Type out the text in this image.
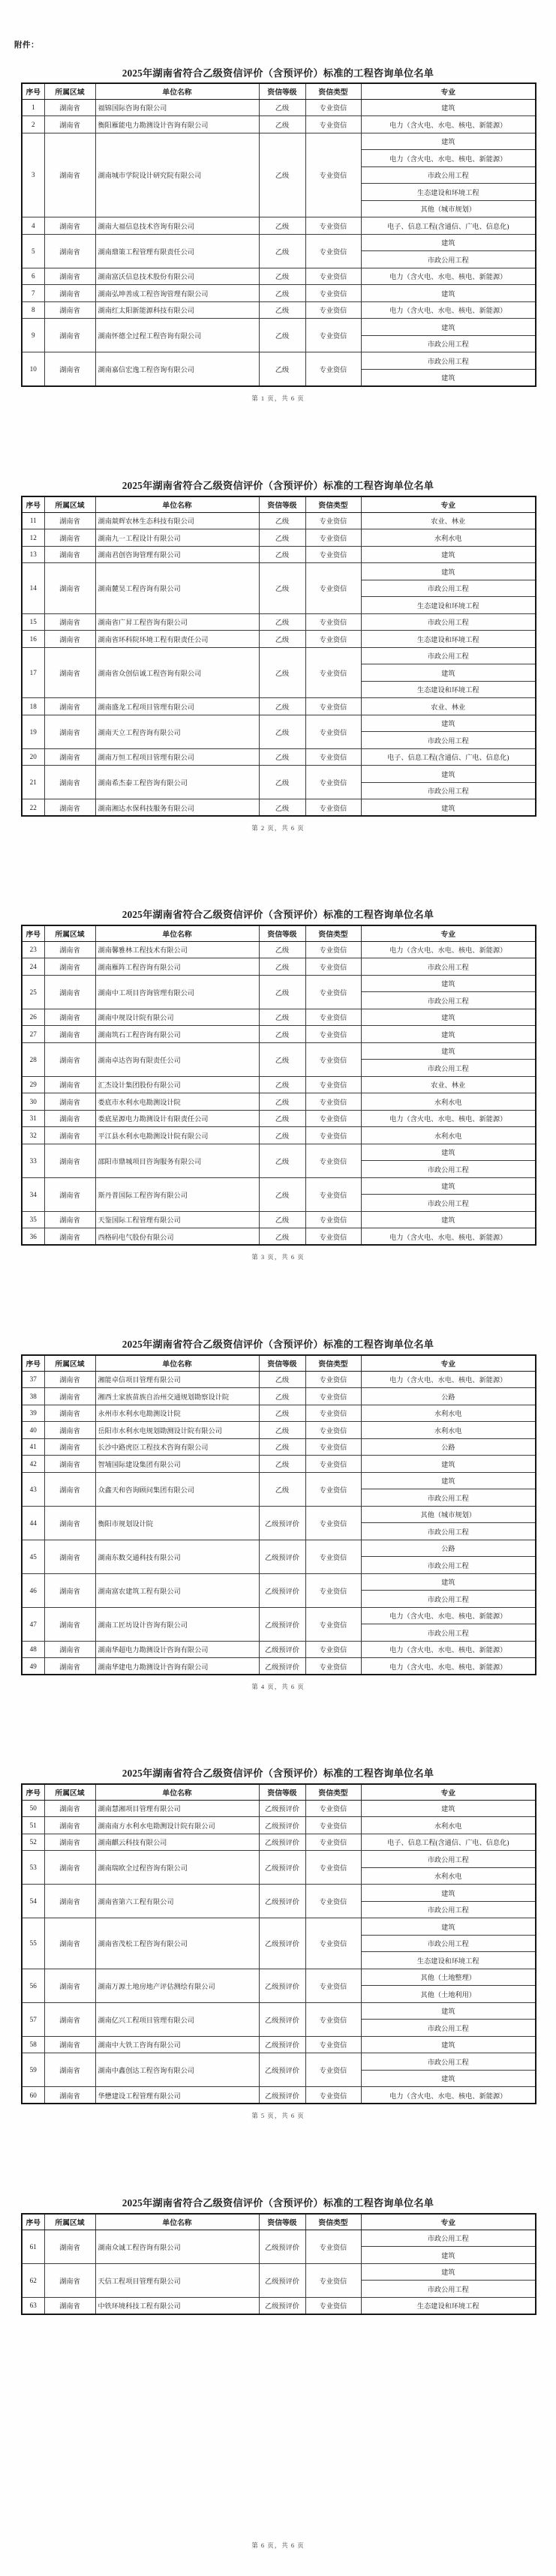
附件：
2025年湖南省符合乙级资信评价（含预评价）标准的工程咨询单位名单
序号	所属区域	单位名称	资信等级	资信类型	专业
1	湖南省	福锦国际咨询有限公司	乙级	专业资信	建筑
2	湖南省	衡阳雁能电力勘测设计咨询有限公司	乙级	专业资信	电力（含火电、水电、核电、新能源）
3	湖南省	湖南城市学院设计研究院有限公司	乙级	专业资信	建筑
					电力（含火电、水电、核电、新能源）
					市政公用工程
					生态建设和环境工程
					其他（城市规划）
4	湖南省	湖南大福信息技术咨询有限公司	乙级	专业资信	电子、信息工程(含通信、广电、信息化)
5	湖南省	湖南鼎策工程管理有限责任公司	乙级	专业资信	建筑
					市政公用工程
6	湖南省	湖南富沃信息技术股份有限公司	乙级	专业资信	电力（含火电、水电、核电、新能源）
7	湖南省	湖南弘坤善成工程咨询管理有限公司	乙级	专业资信	建筑
8	湖南省	湖南红太阳新能源科技有限公司	乙级	专业资信	电力（含火电、水电、核电、新能源）
9	湖南省	湖南怀德全过程工程咨询有限公司	乙级	专业资信	建筑
					市政公用工程
10	湖南省	湖南嘉信宏逸工程咨询有限公司	乙级	专业资信	市政公用工程
					建筑
第 1 页，共 6 页
2025年湖南省符合乙级资信评价（含预评价）标准的工程咨询单位名单
序号	所属区域	单位名称	资信等级	资信类型	专业
11	湖南省	湖南燚辉农林生态科技有限公司	乙级	专业资信	农业、林业
12	湖南省	湖南九一工程设计有限公司	乙级	专业资信	水利水电
13	湖南省	湖南君创咨询管理有限公司	乙级	专业资信	建筑
14	湖南省	湖南麓昊工程咨询有限公司	乙级	专业资信	建筑
					市政公用工程
					生态建设和环境工程
15	湖南省	湖南省广昇工程咨询有限公司	乙级	专业资信	市政公用工程
16	湖南省	湖南省环科院环境工程有限责任公司	乙级	专业资信	生态建设和环境工程
17	湖南省	湖南省众创信诚工程咨询有限公司	乙级	专业资信	市政公用工程
					建筑
					生态建设和环境工程
18	湖南省	湖南盛龙工程项目管理有限公司	乙级	专业资信	农业、林业
19	湖南省	湖南天立工程咨询有限公司	乙级	专业资信	建筑
					市政公用工程
20	湖南省	湖南万恒工程项目管理有限公司	乙级	专业资信	电子、信息工程(含通信、广电、信息化)
21	湖南省	湖南希杰泰工程咨询有限公司	乙级	专业资信	建筑
					市政公用工程
22	湖南省	湖南湘达水保科技服务有限公司	乙级	专业资信	建筑
第 2 页，共 6 页
2025年湖南省符合乙级资信评价（含预评价）标准的工程咨询单位名单
序号	所属区域	单位名称	资信等级	资信类型	专业
23	湖南省	湖南馨雅林工程技术有限公司	乙级	专业资信	电力（含火电、水电、核电、新能源）
24	湖南省	湖南雁阵工程咨询有限公司	乙级	专业资信	市政公用工程
25	湖南省	湖南中工项目咨询管理有限公司	乙级	专业资信	建筑
					市政公用工程
26	湖南省	湖南中规设计院有限公司	乙级	专业资信	建筑
27	湖南省	湖南筑石工程咨询有限公司	乙级	专业资信	建筑
28	湖南省	湖南卓达咨询有限责任公司	乙级	专业资信	建筑
					市政公用工程
29	湖南省	汇杰设计集团股份有限公司	乙级	专业资信	农业、林业
30	湖南省	娄底市水利水电勘测设计院	乙级	专业资信	水利水电
31	湖南省	娄底星源电力勘测设计有限责任公司	乙级	专业资信	电力（含火电、水电、核电、新能源）
32	湖南省	平江县水利水电勘测设计院有限公司	乙级	专业资信	水利水电
33	湖南省	邵阳市鼎城项目咨询服务有限公司	乙级	专业资信	建筑
					市政公用工程
34	湖南省	斯丹普国际工程咨询有限公司	乙级	专业资信	建筑
					市政公用工程
35	湖南省	天鉴国际工程管理有限公司	乙级	专业资信	建筑
36	湖南省	西格码电气股份有限公司	乙级	专业资信	电力（含火电、水电、核电、新能源）
第 3 页，共 6 页
2025年湖南省符合乙级资信评价（含预评价）标准的工程咨询单位名单
序号	所属区域	单位名称	资信等级	资信类型	专业
37	湖南省	湘能卓信项目管理有限公司	乙级	专业资信	电力（含火电、水电、核电、新能源）
38	湖南省	湘西土家族苗族自治州交通规划勘察设计院	乙级	专业资信	公路
39	湖南省	永州市水利水电勘测设计院	乙级	专业资信	水利水电
40	湖南省	岳阳市水利水电规划勘测设计院有限公司	乙级	专业资信	水利水电
41	湖南省	长沙中路虎臣工程技术咨询有限公司	乙级	专业资信	公路
42	湖南省	智埔国际建设集团有限公司	乙级	专业资信	建筑
43	湖南省	众鑫天和咨询顾问集团有限公司	乙级	专业资信	建筑
					市政公用工程
44	湖南省	衡阳市规划设计院	乙级预评价	专业资信	其他（城市规划）
					市政公用工程
45	湖南省	湖南东数交通科技有限公司	乙级预评价	专业资信	公路
					市政公用工程
46	湖南省	湖南富农建筑工程有限公司	乙级预评价	专业资信	建筑
					市政公用工程
47	湖南省	湖南工匠坊设计咨询有限公司	乙级预评价	专业资信	电力（含火电、水电、核电、新能源）
					市政公用工程
48	湖南省	湖南华超电力勘测设计咨询有限公司	乙级预评价	专业资信	电力（含火电、水电、核电、新能源）
49	湖南省	湖南华建电力勘测设计咨询有限公司	乙级预评价	专业资信	电力（含火电、水电、核电、新能源）
第 4 页，共 6 页
2025年湖南省符合乙级资信评价（含预评价）标准的工程咨询单位名单
序号	所属区域	单位名称	资信等级	资信类型	专业
50	湖南省	湖南慧湘项目管理有限公司	乙级预评价	专业资信	建筑
51	湖南省	湖南南方水利水电勘测设计院有限公司	乙级预评价	专业资信	水利水电
52	湖南省	湖南麒云科技有限公司	乙级预评价	专业资信	电子、信息工程(含通信、广电、信息化)
53	湖南省	湖南瑞欧全过程咨询有限公司	乙级预评价	专业资信	市政公用工程
					水利水电
54	湖南省	湖南省第六工程有限公司	乙级预评价	专业资信	建筑
					市政公用工程
55	湖南省	湖南省茂松工程咨询有限公司	乙级预评价	专业资信	建筑
					市政公用工程
					生态建设和环境工程
56	湖南省	湖南万源土地房地产评估测绘有限公司	乙级预评价	专业资信	其他（土地整理）
					其他（土地利用）
57	湖南省	湖南亿兴工程项目管理有限公司	乙级预评价	专业资信	建筑
					市政公用工程
58	湖南省	湖南中大铁工咨询有限公司	乙级预评价	专业资信	建筑
59	湖南省	湖南中鑫创达工程咨询有限公司	乙级预评价	专业资信	市政公用工程
					建筑
60	湖南省	华懋建设工程管理有限公司	乙级预评价	专业资信	电力（含火电、水电、核电、新能源）
第 5 页，共 6 页
2025年湖南省符合乙级资信评价（含预评价）标准的工程咨询单位名单
序号	所属区域	单位名称	资信等级	资信类型	专业
61	湖南省	湖南众诚工程咨询有限公司	乙级预评价	专业资信	市政公用工程
					建筑
62	湖南省	天信工程项目管理有限公司	乙级预评价	专业资信	建筑
					市政公用工程
63	湖南省	中铁环境科技工程有限公司	乙级预评价	专业资信	生态建设和环境工程
第 6 页，共 6 页
